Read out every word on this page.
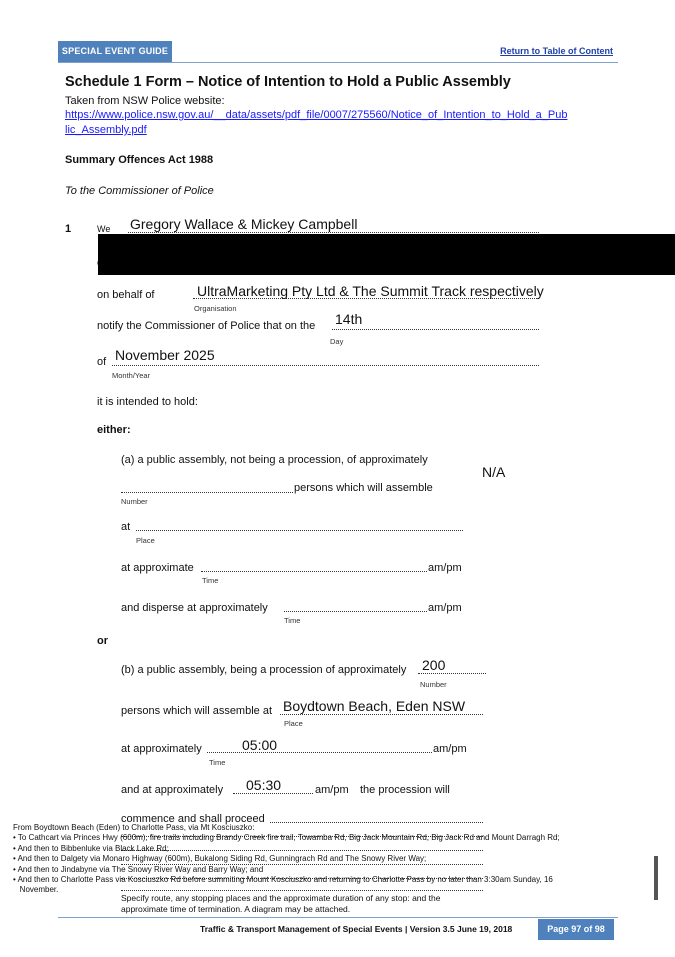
SPECIAL EVENT GUIDE	Return to Table of Content
Schedule 1 Form – Notice of Intention to Hold a Public Assembly
Taken from NSW Police website:
https://www.police.nsw.gov.au/__data/assets/pdf_file/0007/275560/Notice_of_Intention_to_Hold_a_Pub
lic_Assembly.pdf
Summary Offences Act 1988
To the Commissioner of Police
1	We Gregory Wallace & Mickey Campbell
on behalf of	UltraMarketing Pty Ltd & The Summit Track respectively
Organisation
notify the Commissioner of Police that on the 14th
Day
of November 2025
Month/Year
it is intended to hold:
either:
(a) a public assembly, not being a procession, of approximately
N/A
persons which will assemble
Number
at
Place
at approximate	am/pm
Time
and disperse at approximately	am/pm
Time
or
(b) a public assembly, being a procession of approximately 200
Number
persons which will assemble at Boydtown Beach, Eden NSW
Place
at approximately	05:00	am/pm
Time
and at approximately 05:30	am/pm the procession will
commence and shall proceed
From Boydtown Beach (Eden) to Charlotte Pass, via Mt Kosciuszko:
• To Cathcart via Princes Hwy (600m), fire trails including Brandy Creek fire trail, Towamba Rd, Big Jack Mountain Rd, Big Jack Rd and Mount Darragh Rd;
• And then to Bibbenluke via Black Lake Rd;
• And then to Dalgety via Monaro Highway (600m), Bukalong Siding Rd, Gunningrach Rd and The Snowy River Way;
• And then to Jindabyne via The Snowy River Way and Barry Way; and
• And then to Charlotte Pass via Kosciuszko Rd before summiting Mount Kosciuszko and returning to Charlotte Pass by no later than 3:30am Sunday, 16
November.
Specify route, any stopping places and the approximate duration of any stop: and the
approximate time of termination. A diagram may be attached.
Traffic & Transport Management of Special Events | Version 3.5 June 19, 2018	Page 97 of 98
